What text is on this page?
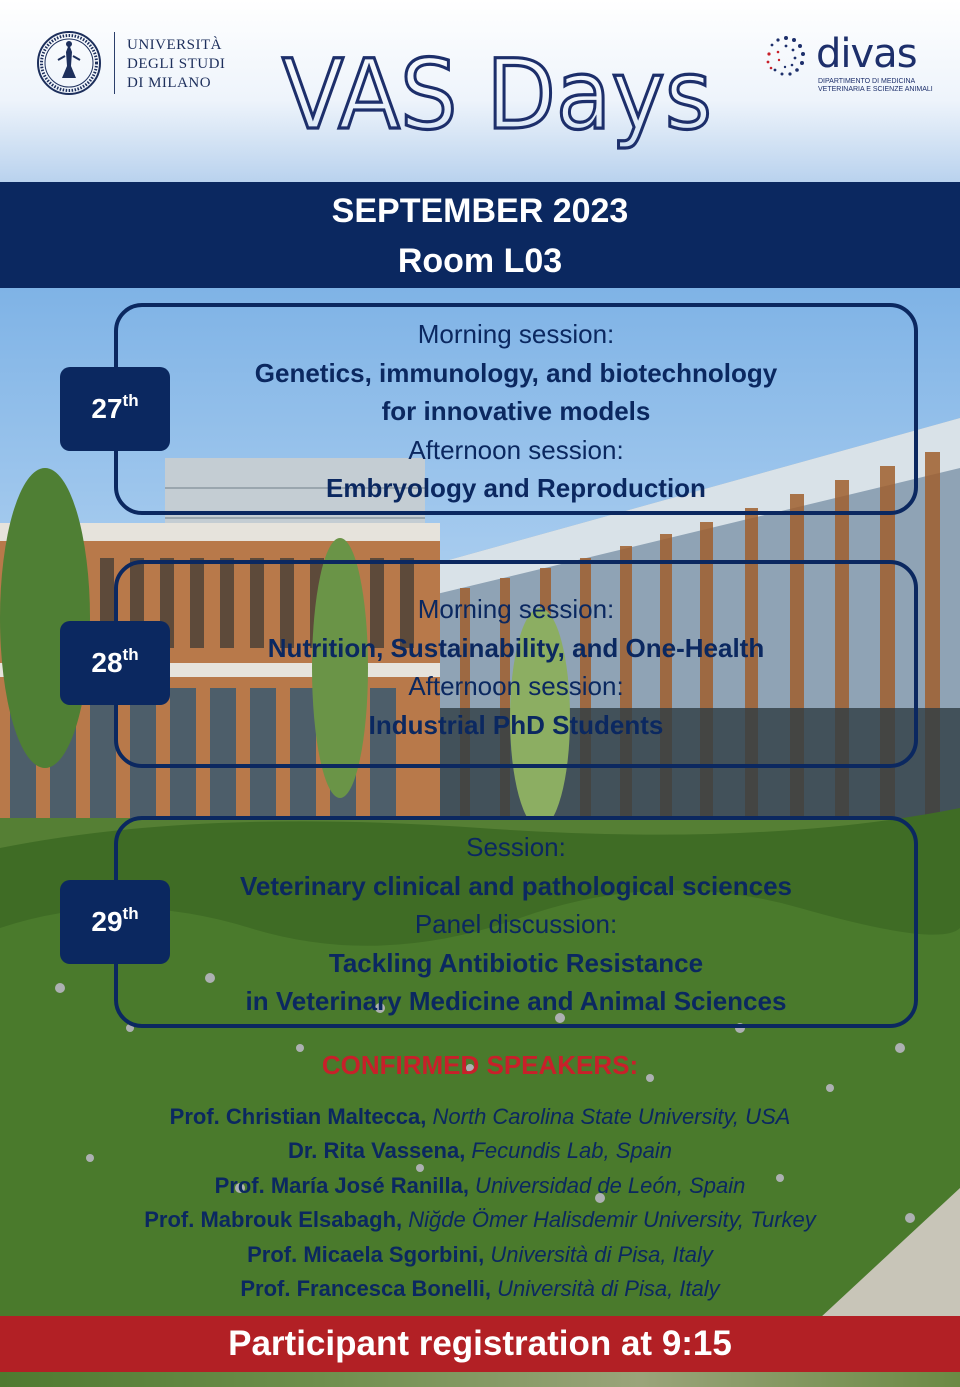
UNIVERSITÀ
DEGLI STUDI
DI MILANO VAS Days	divas
DIPARTIMENTO DI MEDICINA
VETERINARIA E SCIENZE ANIMALI
SEPTEMBER 2023
Room L03
Morning session:
Genetics, immunology, and biotechnology
for innovative models
Afternoon session:
Embryology and Reproduction
27th
Morning session:
Nutrition, Sustainability, and One-Health
Afternoon session:
Industrial PhD Students
28th
Session:
Veterinary clinical and pathological sciences
Panel discussion:
Tackling Antibiotic Resistance
in Veterinary Medicine and Animal Sciences
29th
CONFIRMED SPEAKERS:
Prof. Christian Maltecca, North Carolina State University, USA
Dr. Rita Vassena, Fecundis Lab, Spain
Prof. María José Ranilla, Universidad de León, Spain
Prof. Mabrouk Elsabagh, Niğde Ömer Halisdemir University, Turkey
Prof. Micaela Sgorbini, Università di Pisa, Italy
Prof. Francesca Bonelli, Università di Pisa, Italy
Participant registration at 9:15
